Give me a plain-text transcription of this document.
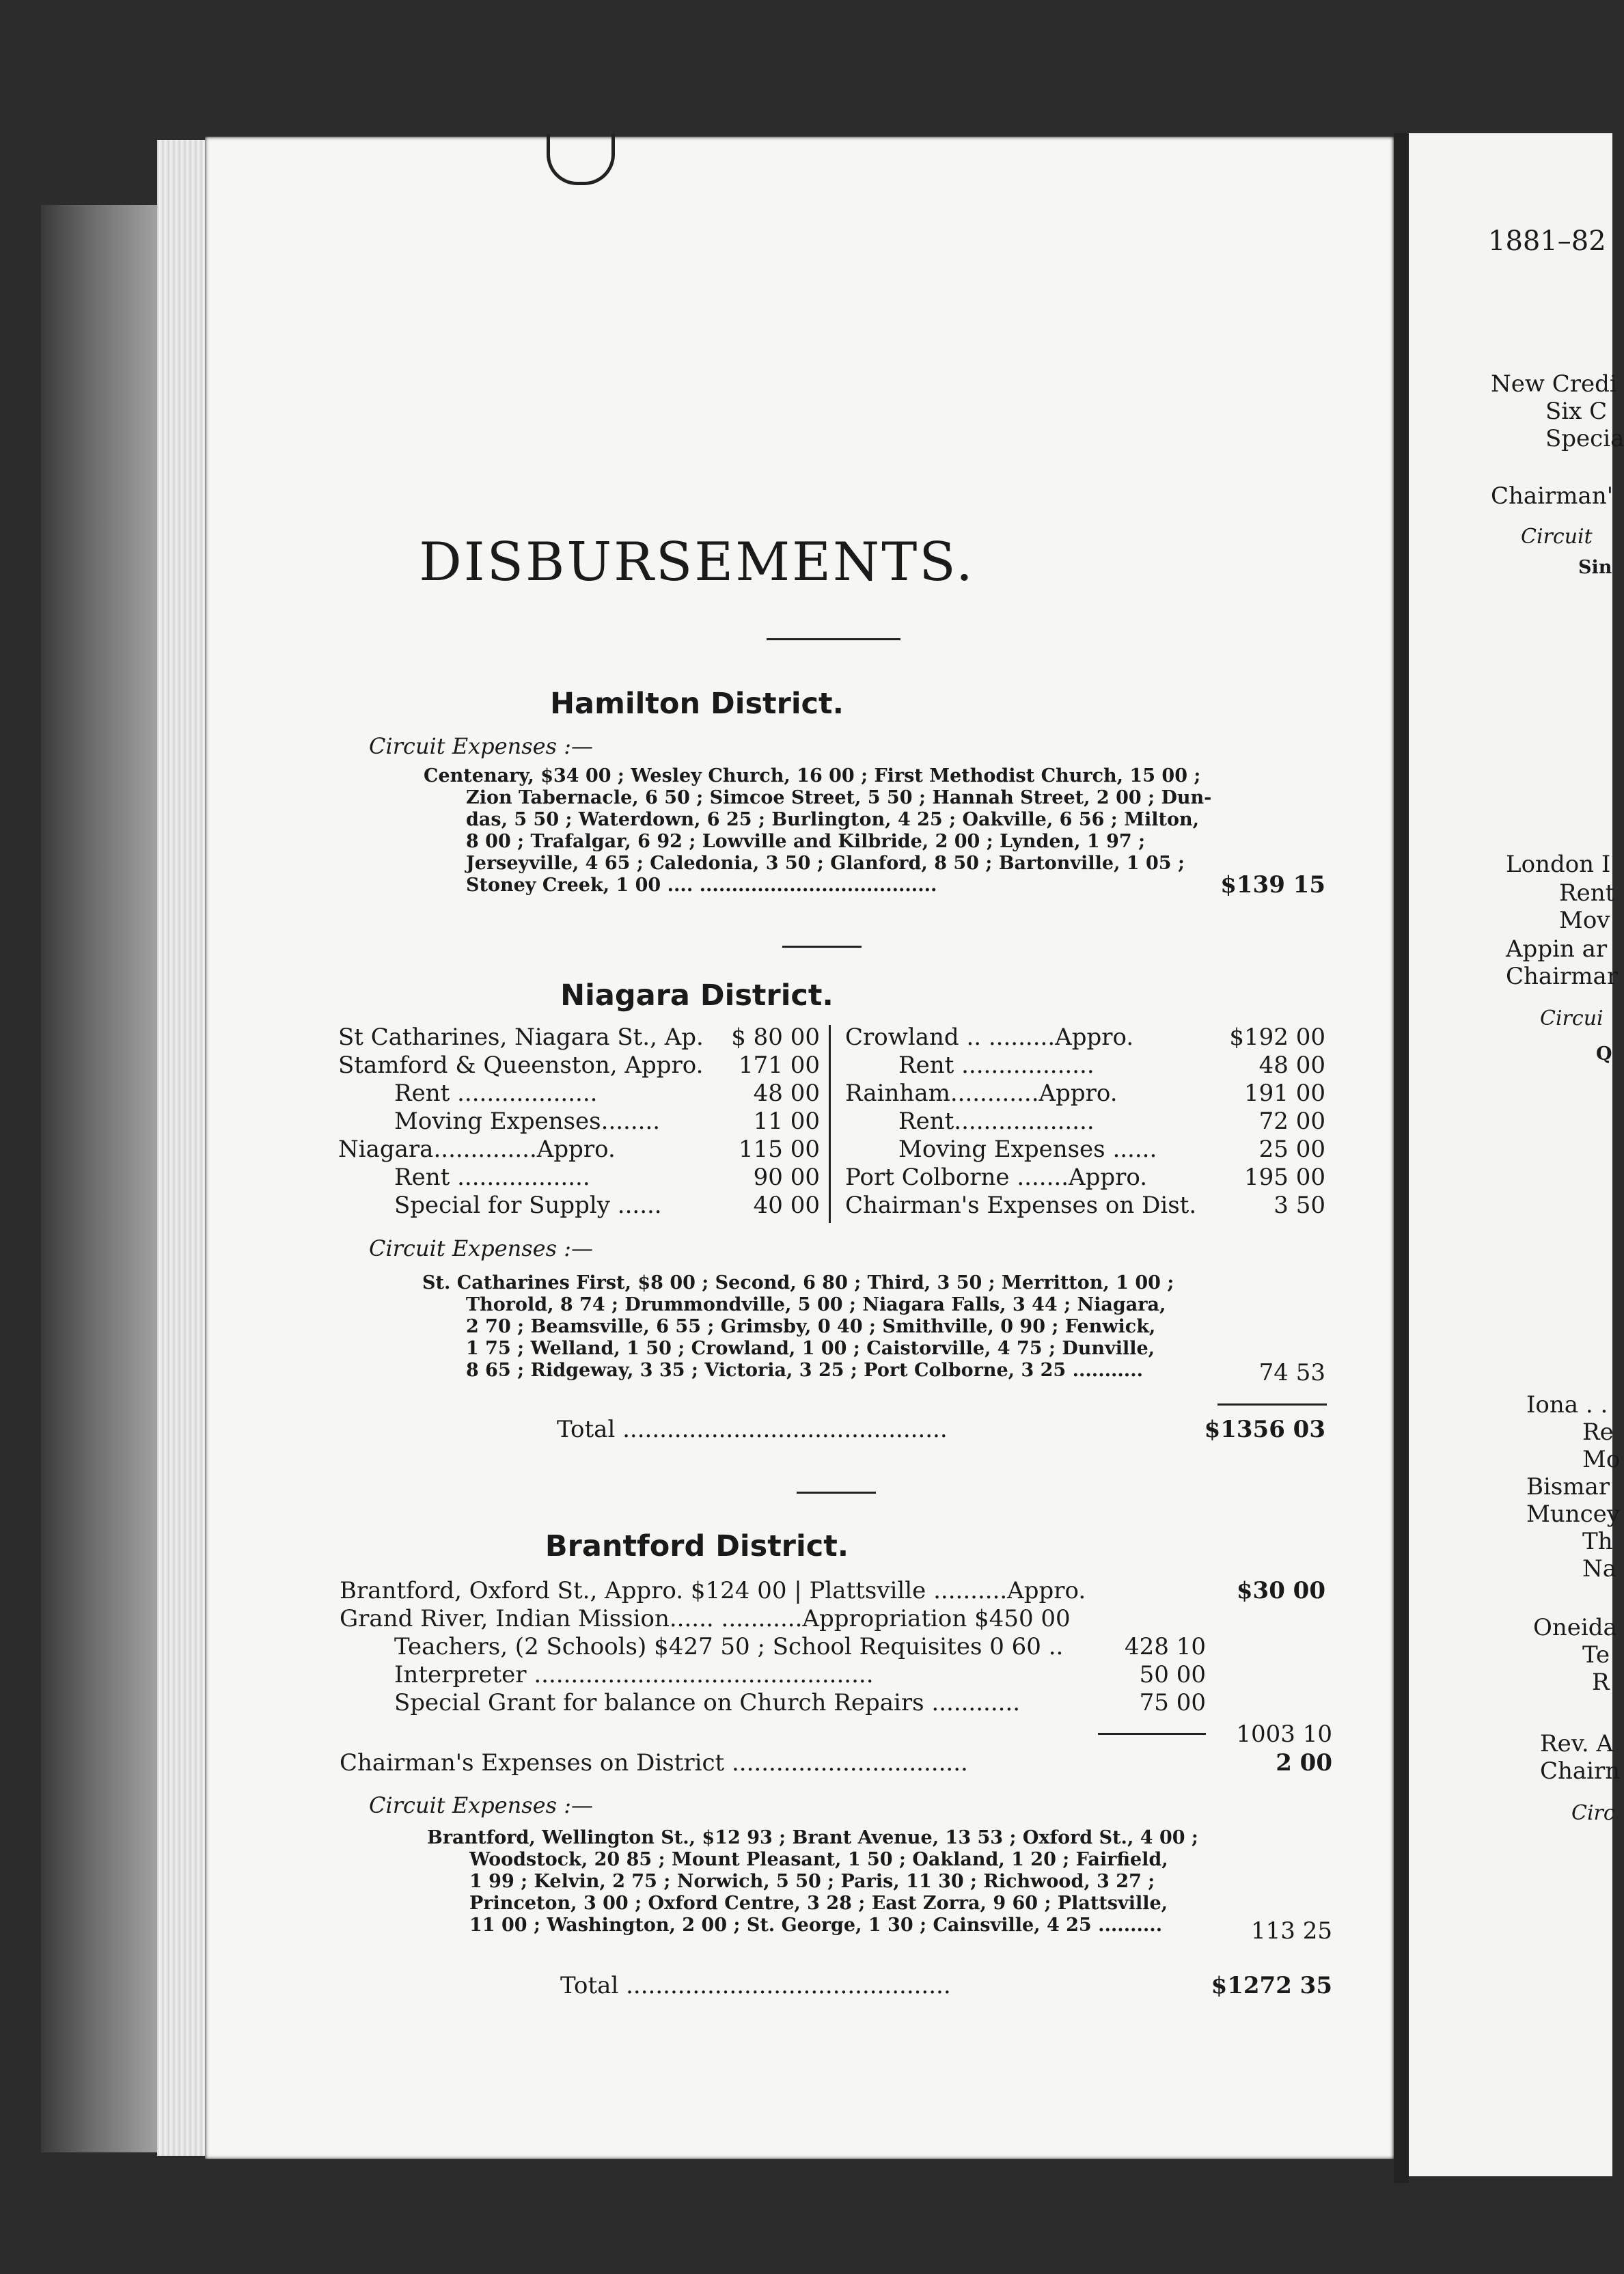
DISBURSEMENTS.
Hamilton District.
Circuit Expenses :—
Centenary, $34 00 ; Wesley Church, 16 00 ; First Methodist Church, 15 00 ;
Zion Tabernacle, 6 50 ; Simcoe Street, 5 50 ; Hannah Street, 2 00 ; Dun-
das, 5 50 ; Waterdown, 6 25 ; Burlington, 4 25 ; Oakville, 6 56 ; Milton,
8 00 ; Trafalgar, 6 92 ; Lowville and Kilbride, 2 00 ; Lynden, 1 97 ;
Jerseyville, 4 65 ; Caledonia, 3 50 ; Glanford, 8 50 ; Bartonville, 1 05 ;
Stoney Creek, 1 00 .... .....................................	$139 15
Niagara District.
St Catharines, Niagara St., Ap.	$ 80 00
Stamford & Queenston, Appro.	171 00
Rent ...................	48 00
Moving Expenses........	11 00
Niagara..............Appro.	115 00
Rent ..................	90 00
Special for Supply ......	40 00
Crowland .. .........Appro.	$192 00
Rent ..................	48 00
Rainham............Appro.	191 00
Rent...................	72 00
Moving Expenses ......	25 00
Port Colborne .......Appro.	195 00
Chairman's Expenses on Dist.	3 50
Circuit Expenses :—
St. Catharines First, $8 00 ; Second, 6 80 ; Third, 3 50 ; Merritton, 1 00 ;
Thorold, 8 74 ; Drummondville, 5 00 ; Niagara Falls, 3 44 ; Niagara,
2 70 ; Beamsville, 6 55 ; Grimsby, 0 40 ; Smithville, 0 90 ; Fenwick,
1 75 ; Welland, 1 50 ; Crowland, 1 00 ; Caistorville, 4 75 ; Dunville,
8 65 ; Ridgeway, 3 35 ; Victoria, 3 25 ; Port Colborne, 3 25 ...........	74 53
Total ............................................	$1356 03
Brantford District.
Brantford, Oxford St., Appro. $124 00 | Plattsville ..........Appro.	$30 00
Grand River, Indian Mission...... ...........Appropriation $450 00
Teachers, (2 Schools) $427 50 ; School Requisites 0 60 ..	428 10
Interpreter ..............................................	50 00
Special Grant for balance on Church Repairs ............	75 00
1003 10
Chairman's Expenses on District ................................	2 00
Circuit Expenses :—
Brantford, Wellington St., $12 93 ; Brant Avenue, 13 53 ; Oxford St., 4 00 ;
Woodstock, 20 85 ; Mount Pleasant, 1 50 ; Oakland, 1 20 ; Fairfield,
1 99 ; Kelvin, 2 75 ; Norwich, 5 50 ; Paris, 11 30 ; Richwood, 3 27 ;
Princeton, 3 00 ; Oxford Centre, 3 28 ; East Zorra, 9 60 ; Plattsville,
11 00 ; Washington, 2 00 ; St. George, 1 30 ; Cainsville, 4 25 ..........	113 25
Total ............................................	$1272 35
1881–82
New Credi
Six C
Specia
Chairman'
Circuit
Sin
London I
Rent
Mov
Appin ar
Chairmar
Circui
Q
Iona . .
Re
Mo
Bismar
Muncey
Th
Na
Oneida
Te
R
Rev. A
Chairn
Circ
